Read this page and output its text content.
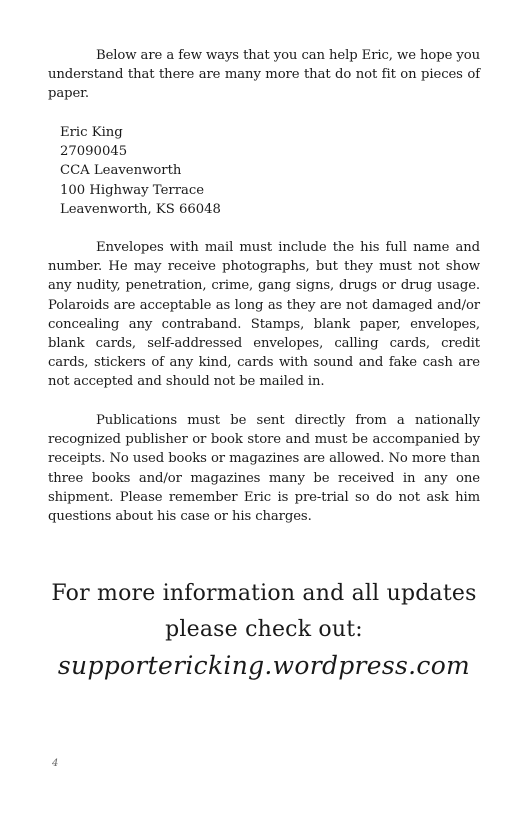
Below are a few ways that you can help Eric, we hope you understand that there are many more that do not fit on pieces of paper.

Eric King
27090045
CCA Leavenworth
100 Highway Terrace
Leavenworth, KS 66048

Envelopes with mail must include the his full name and number. He may receive photographs, but they must not show any nudity, penetration, crime, gang signs, drugs or drug usage. Polaroids are acceptable as long as they are not damaged and/or concealing any contraband. Stamps, blank paper, envelopes, blank cards, self-addressed envelopes, calling cards, credit cards, stickers of any kind, cards with sound and fake cash are not accepted and should not be mailed in.

Publications must be sent directly from a nationally recognized publisher or book store and must be accompanied by receipts. No used books or magazines are allowed. No more than three books and/or magazines many be received in any one shipment. Please remember Eric is pre-trial so do not ask him questions about his case or his charges.

For more information and all updates
please check out:
supportericking.wordpress.com
4
